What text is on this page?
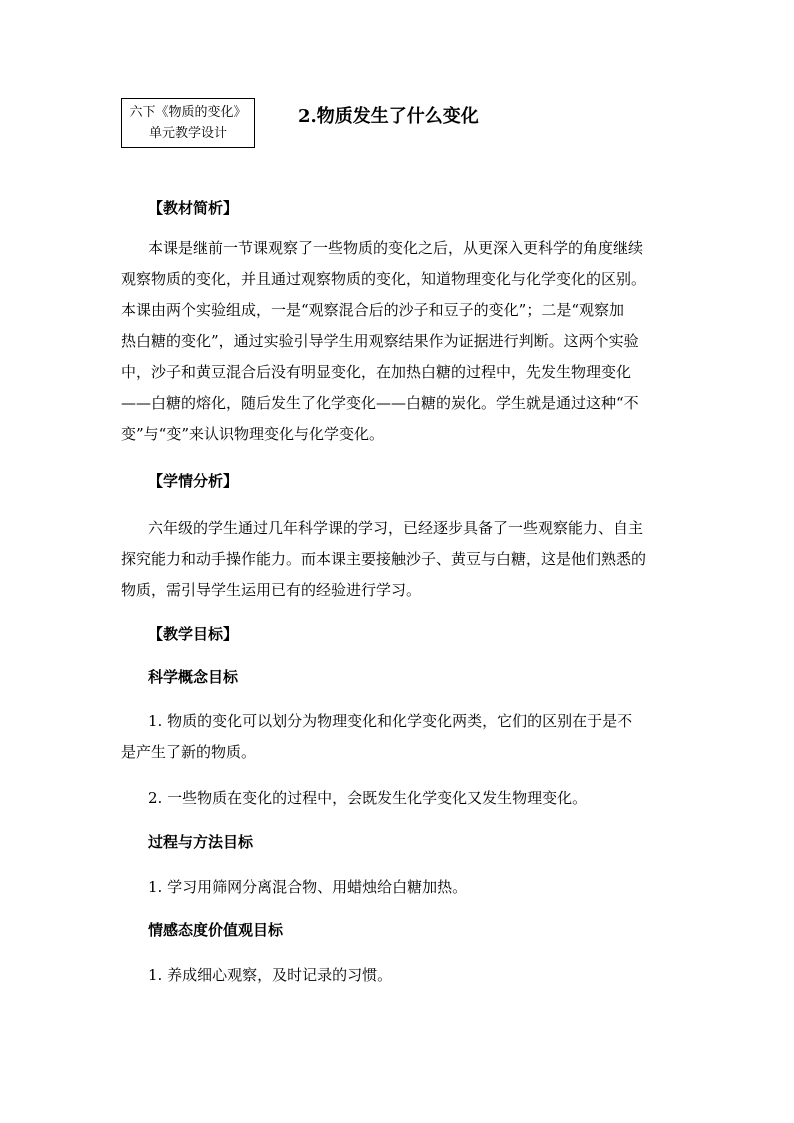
六下《物质的变化》
单元教学设计
2.物质发生了什么变化
【教材简析】
本课是继前一节课观察了一些物质的变化之后，从更深入更科学的角度继续
观察物质的变化，并且通过观察物质的变化，知道物理变化与化学变化的区别。
本课由两个实验组成，一是“观察混合后的沙子和豆子的变化”；二是“观察加
热白糖的变化”，通过实验引导学生用观察结果作为证据进行判断。这两个实验
中，沙子和黄豆混合后没有明显变化，在加热白糖的过程中，先发生物理变化
——白糖的熔化，随后发生了化学变化——白糖的炭化。学生就是通过这种“不
变”与“变”来认识物理变化与化学变化。
【学情分析】
六年级的学生通过几年科学课的学习，已经逐步具备了一些观察能力、自主
探究能力和动手操作能力。而本课主要接触沙子、黄豆与白糖，这是他们熟悉的
物质，需引导学生运用已有的经验进行学习。
【教学目标】
科学概念目标
1. 物质的变化可以划分为物理变化和化学变化两类，它们的区别在于是不
是产生了新的物质。
2. 一些物质在变化的过程中，会既发生化学变化又发生物理变化。
过程与方法目标
1. 学习用筛网分离混合物、用蜡烛给白糖加热。
情感态度价值观目标
1. 养成细心观察，及时记录的习惯。
